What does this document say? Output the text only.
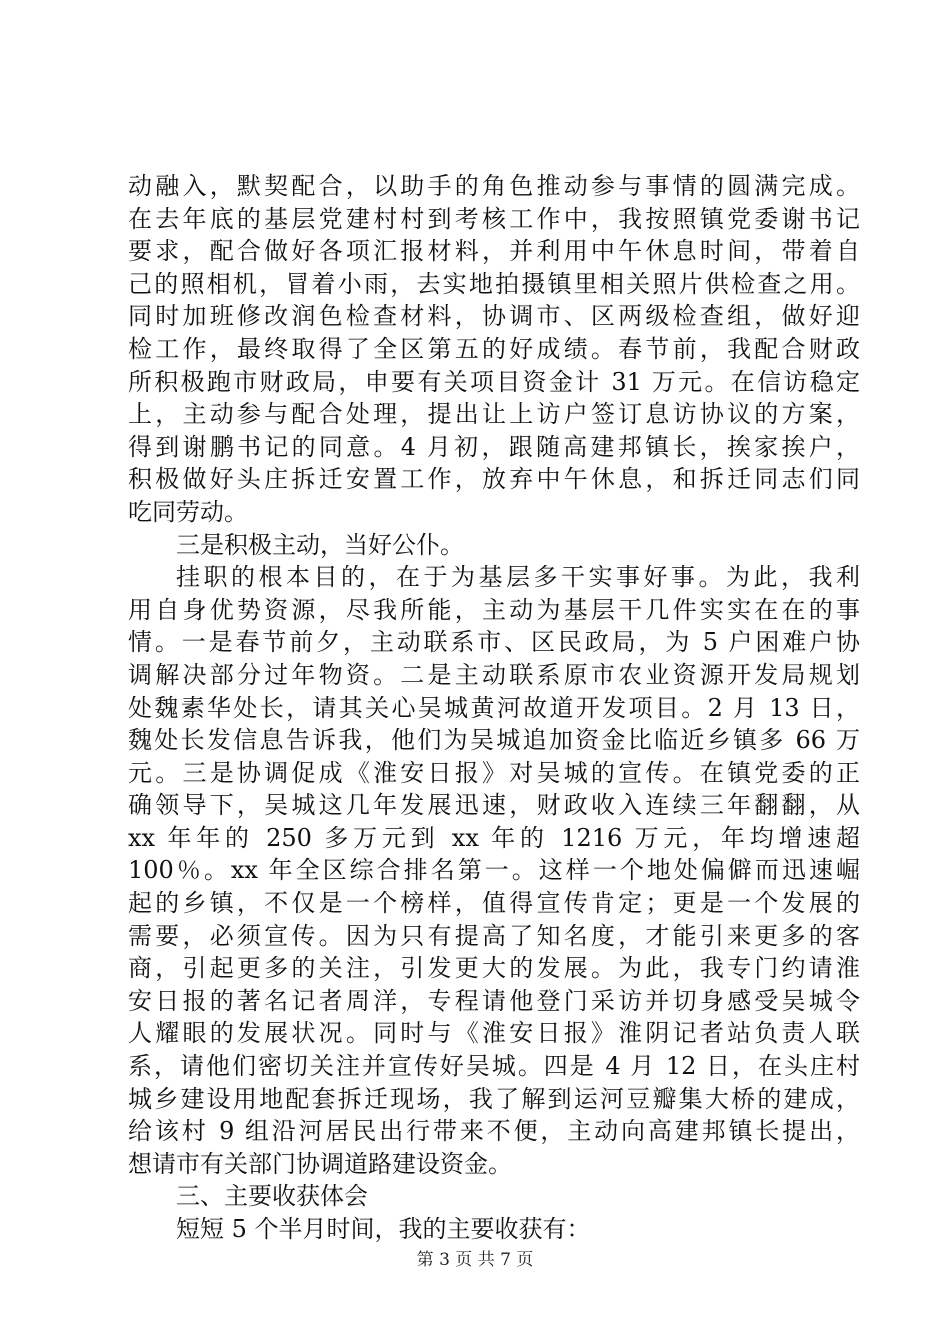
动融入，默契配合，以助手的角色推动参与事情的圆满完成。
在去年底的基层党建村村到考核工作中，我按照镇党委谢书记
要求，配合做好各项汇报材料，并利用中午休息时间，带着自
己的照相机，冒着小雨，去实地拍摄镇里相关照片供检查之用。
同时加班修改润色检查材料，协调市、区两级检查组，做好迎
检工作，最终取得了全区第五的好成绩。春节前，我配合财政
所积极跑市财政局，申要有关项目资金计 31 万元。在信访稳定
上，主动参与配合处理，提出让上访户签订息访协议的方案，
得到谢鹏书记的同意。4 月初，跟随高建邦镇长，挨家挨户，
积极做好头庄拆迁安置工作，放弃中午休息，和拆迁同志们同
吃同劳动。
三是积极主动，当好公仆。
挂职的根本目的，在于为基层多干实事好事。为此，我利
用自身优势资源，尽我所能，主动为基层干几件实实在在的事
情。一是春节前夕，主动联系市、区民政局，为 5 户困难户协
调解决部分过年物资。二是主动联系原市农业资源开发局规划
处魏素华处长，请其关心吴城黄河故道开发项目。2 月 13 日，
魏处长发信息告诉我，他们为吴城追加资金比临近乡镇多 66 万
元。三是协调促成《淮安日报》对吴城的宣传。在镇党委的正
确领导下，吴城这几年发展迅速，财政收入连续三年翻翻，从
xx 年年的 250 多万元到 xx 年的 1216 万元，年均增速超
100％。xx 年全区综合排名第一。这样一个地处偏僻而迅速崛
起的乡镇，不仅是一个榜样，值得宣传肯定；更是一个发展的
需要，必须宣传。因为只有提高了知名度，才能引来更多的客
商，引起更多的关注，引发更大的发展。为此，我专门约请淮
安日报的著名记者周洋，专程请他登门采访并切身感受吴城令
人耀眼的发展状况。同时与《淮安日报》淮阴记者站负责人联
系，请他们密切关注并宣传好吴城。四是 4 月 12 日，在头庄村
城乡建设用地配套拆迁现场，我了解到运河豆瓣集大桥的建成，
给该村 9 组沿河居民出行带来不便，主动向高建邦镇长提出，
想请市有关部门协调道路建设资金。
三、主要收获体会
短短 5 个半月时间，我的主要收获有：
第 3 页 共 7 页
